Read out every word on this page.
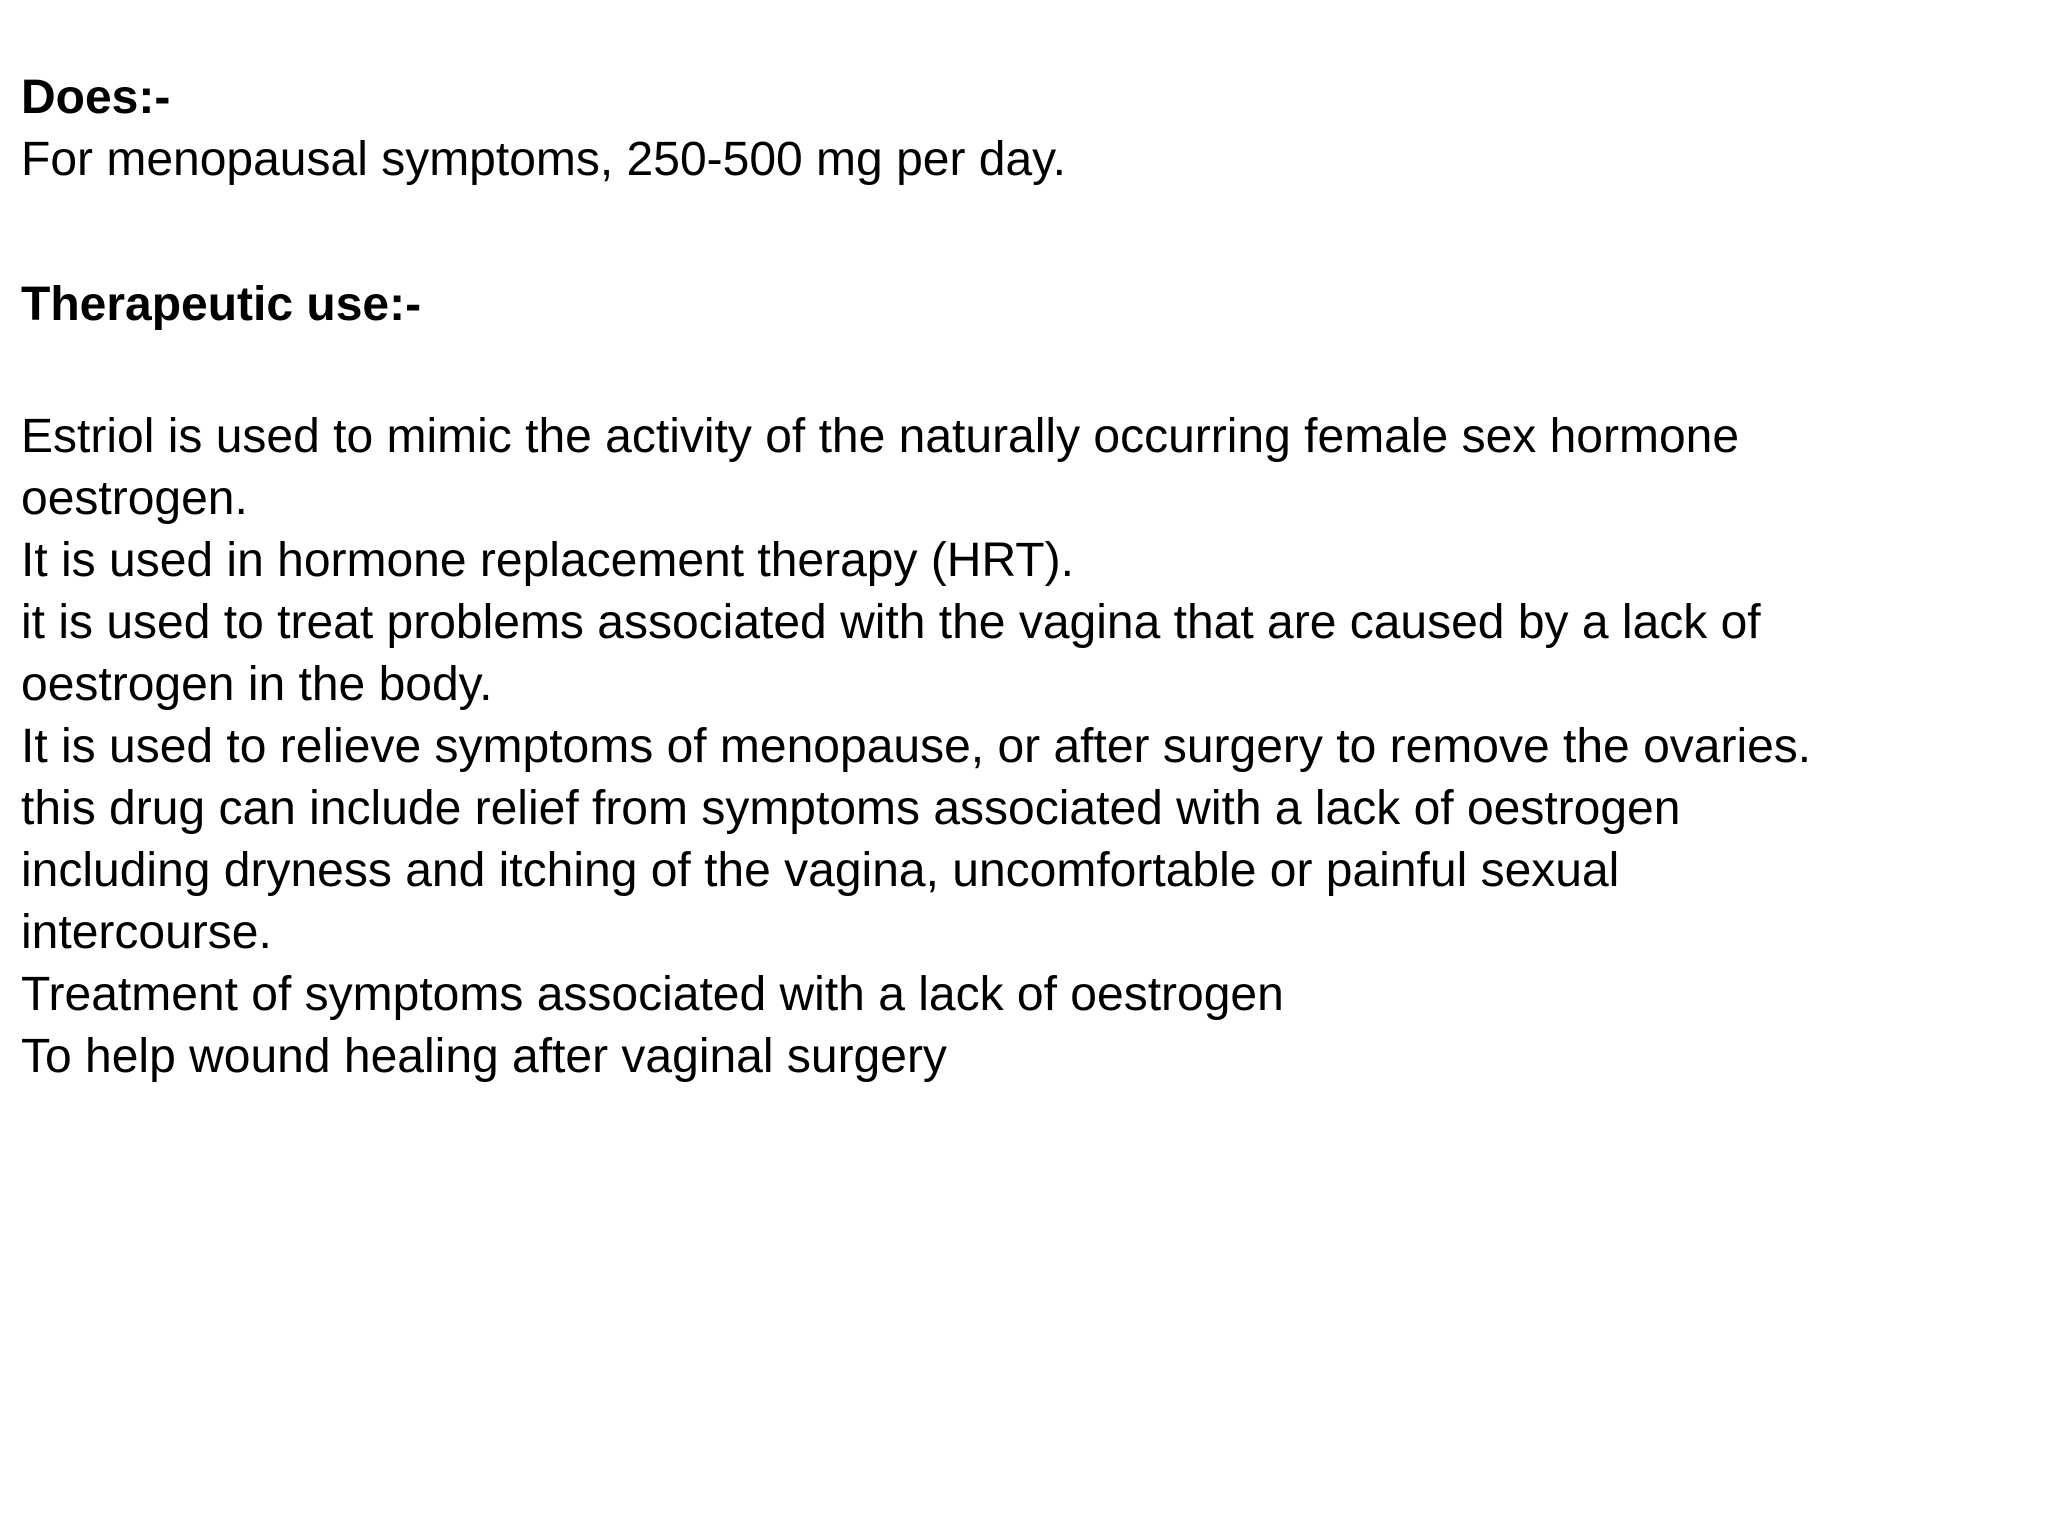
Does:-

For menopausal symptoms, 250-500 mg per day.

Therapeutic use:-
Estriol is used to mimic the activity of the naturally occurring female sex hormone
oestrogen.
It is used in hormone replacement therapy (HRT).
it is used to treat problems associated with the vagina that are caused by a lack of
oestrogen in the body.
It is used to relieve symptoms of menopause, or after surgery to remove the ovaries.
this drug can include relief from symptoms associated with a lack of oestrogen
including dryness and itching of the vagina, uncomfortable or painful sexual
intercourse.
Treatment of symptoms associated with a lack of oestrogen
To help wound healing after vaginal surgery
